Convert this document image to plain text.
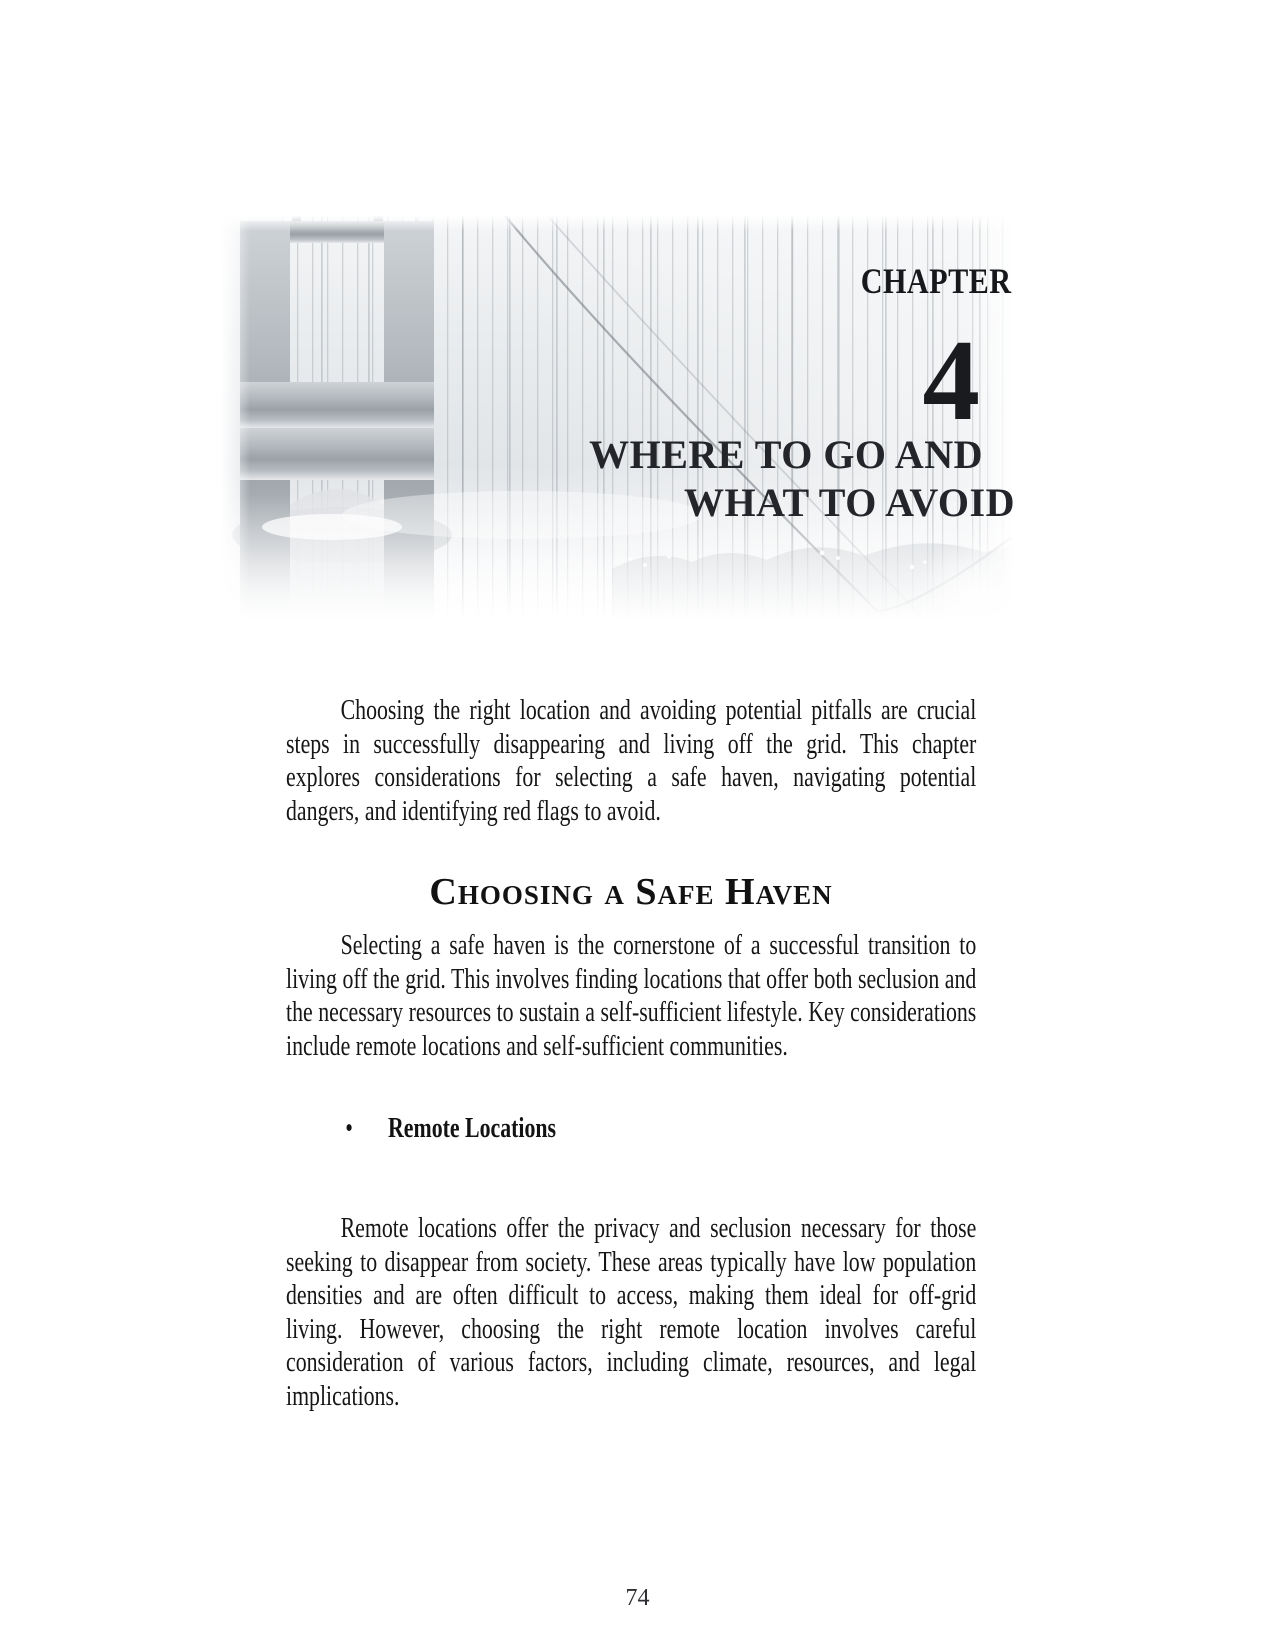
CHAPTER
4
WHERE TO GO AND
WHAT TO AVOID

Choosing the right location and avoiding potential pitfalls are crucial steps in successfully disappearing and living off the grid. This chapter explores considerations for selecting a safe haven, navigating potential dangers, and identifying red flags to avoid.

Choosing a Safe Haven

Selecting a safe haven is the cornerstone of a successful transition to living off the grid. This involves finding locations that offer both seclusion and the necessary resources to sustain a self-sufficient lifestyle. Key considerations include remote locations and self-sufficient communities.

• Remote Locations

Remote locations offer the privacy and seclusion necessary for those seeking to disappear from society. These areas typically have low population densities and are often difficult to access, making them ideal for off-grid living. However, choosing the right remote location involves careful consideration of various factors, including climate, resources, and legal implications.

74
